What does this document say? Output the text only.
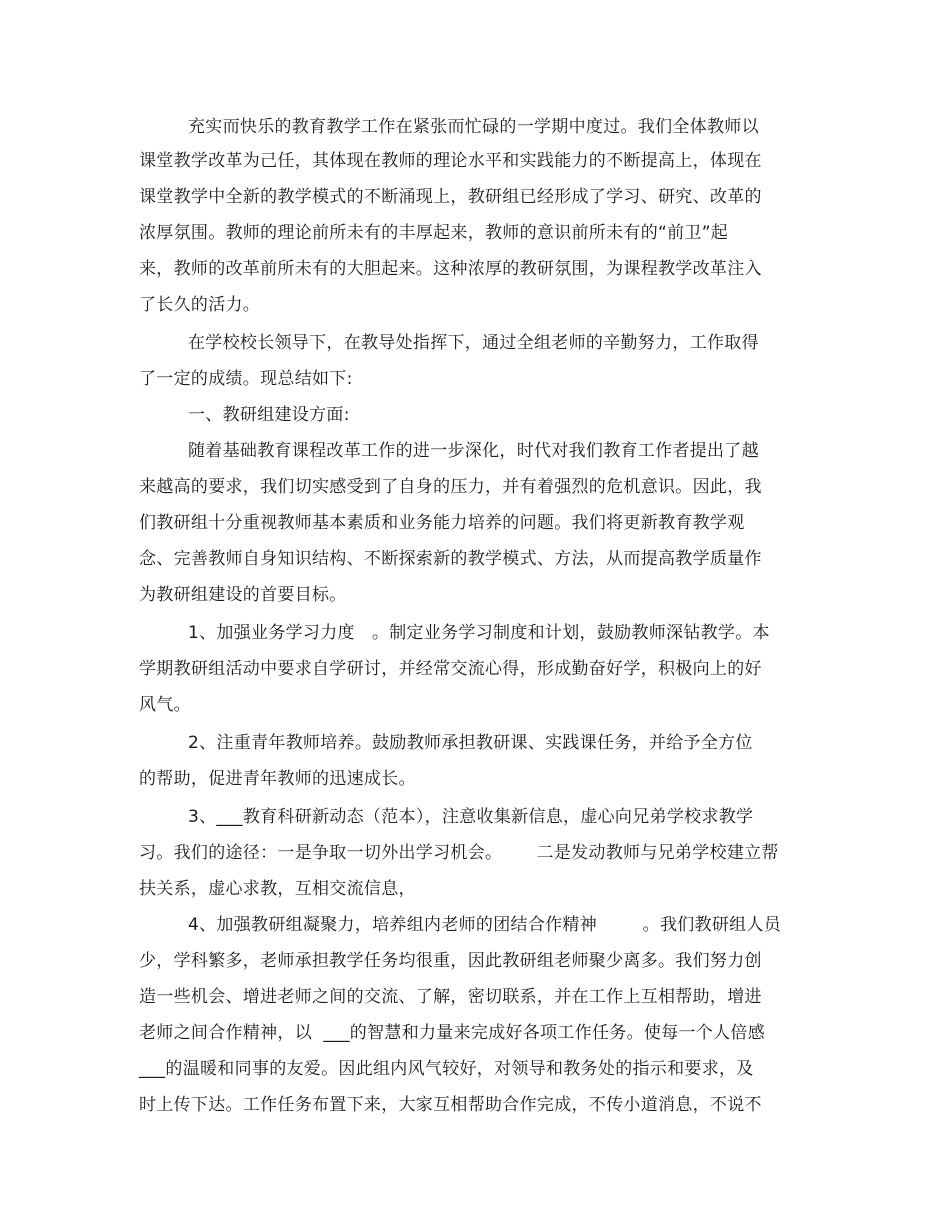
充实而快乐的教育教学工作在紧张而忙碌的一学期中度过。我们全体教师以
课堂教学改革为己任，其体现在教师的理论水平和实践能力的不断提高上，体现在
课堂教学中全新的教学模式的不断涌现上，教研组已经形成了学习、研究、改革的
浓厚氛围。教师的理论前所未有的丰厚起来，教师的意识前所未有的“前卫”起
来，教师的改革前所未有的大胆起来。这种浓厚的教研氛围，为课程教学改革注入
了长久的活力。
在学校校长领导下，在教导处指挥下，通过全组老师的辛勤努力，工作取得
了一定的成绩。现总结如下:
一、教研组建设方面:
随着基础教育课程改革工作的进一步深化，时代对我们教育工作者提出了越
来越高的要求，我们切实感受到了自身的压力，并有着强烈的危机意识。因此，我
们教研组十分重视教师基本素质和业务能力培养的问题。我们将更新教育教学观
念、完善教师自身知识结构、不断探索新的教学模式、方法，从而提高教学质量作
为教研组建设的首要目标。
1、加强业务学习力度   。制定业务学习制度和计划，鼓励教师深钻教学。本
学期教研组活动中要求自学研讨，并经常交流心得，形成勤奋好学，积极向上的好
风气。
2、注重青年教师培养。鼓励教师承担教研课、实践课任务，并给予全方位
的帮助，促进青年教师的迅速成长。
3、___教育科研新动态（范本），注意收集新信息，虚心向兄弟学校求教学
习。我们的途径：一是争取一切外出学习机会。      二是发动教师与兄弟学校建立帮
扶关系，虚心求教，互相交流信息，
4、加强教研组凝聚力，培养组内老师的团结合作精神        。我们教研组人员
少，学科繁多，老师承担教学任务均很重，因此教研组老师聚少离多。我们努力创
造一些机会、增进老师之间的交流、了解，密切联系，并在工作上互相帮助，增进
老师之间合作精神，以  ___的智慧和力量来完成好各项工作任务。使每一个人倍感
___的温暖和同事的友爱。因此组内风气较好，对领导和教务处的指示和要求，及
时上传下达。工作任务布置下来，大家互相帮助合作完成，不传小道消息，不说不
